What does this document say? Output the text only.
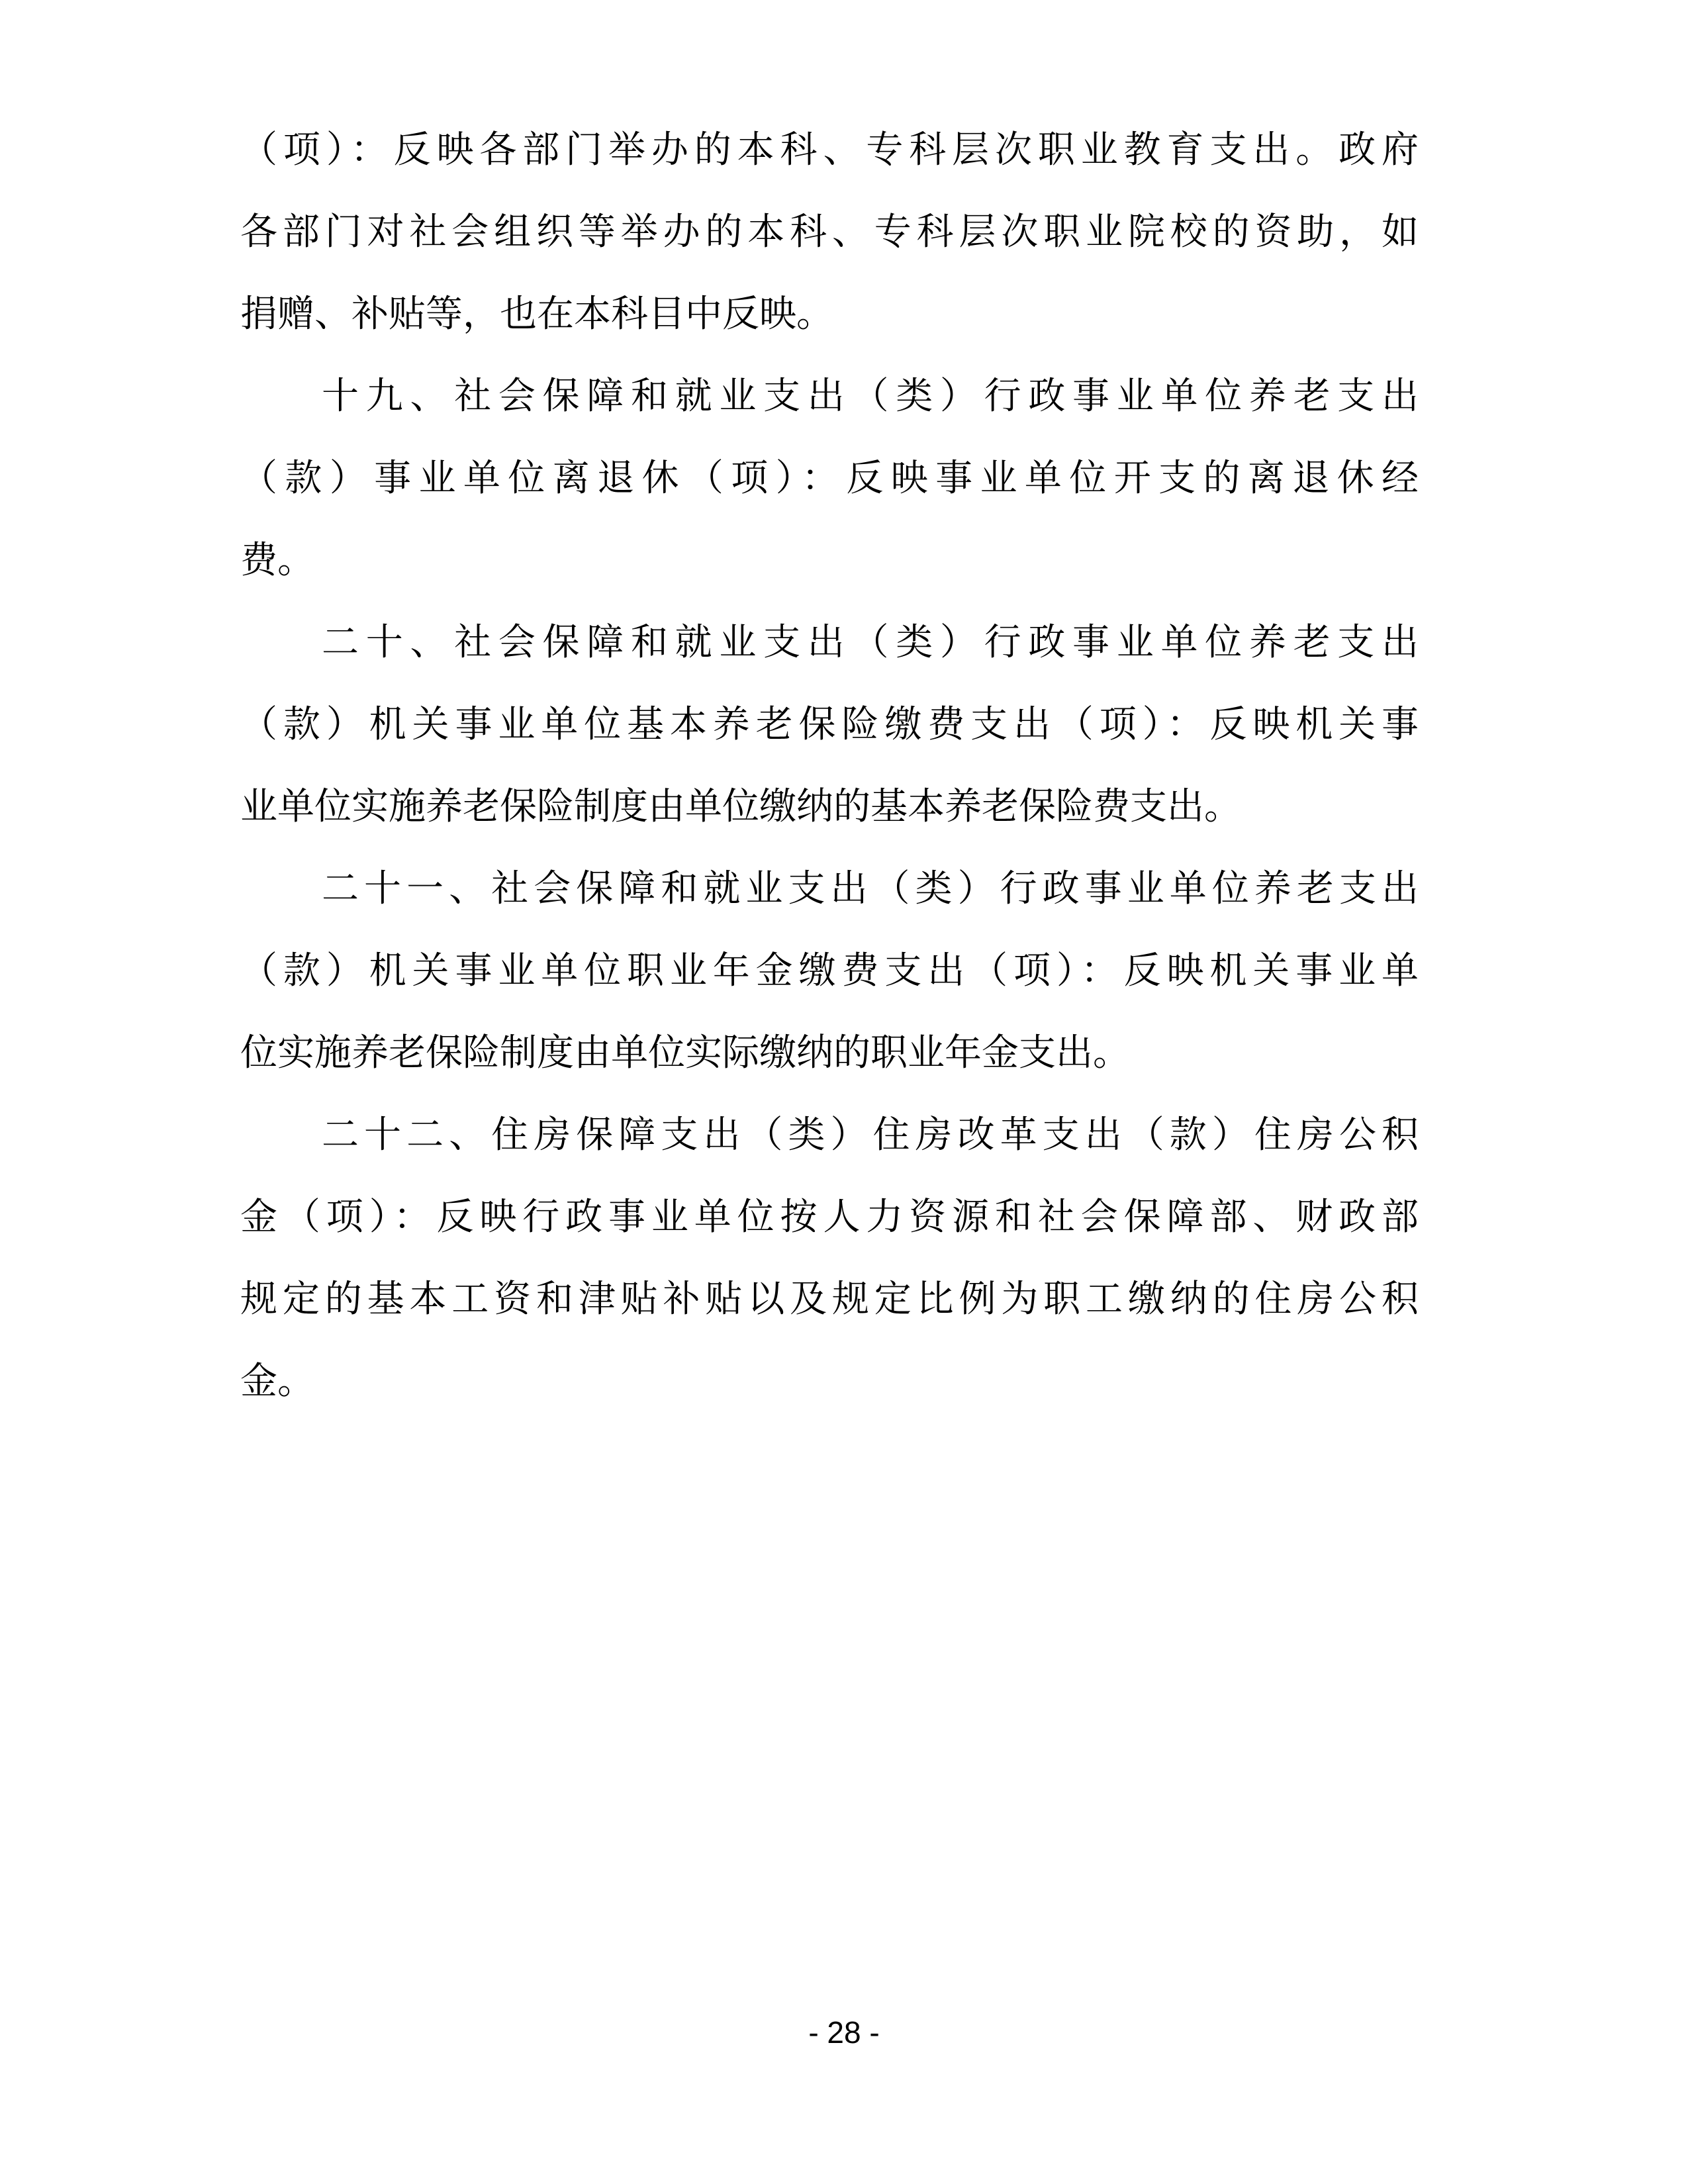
（项）：反映各部门举办的本科、专科层次职业教育支出。政府
各部门对社会组织等举办的本科、专科层次职业院校的资助，如
捐赠、补贴等，也在本科目中反映。
十九、社会保障和就业支出（类）行政事业单位养老支出
（款）事业单位离退休（项）：反映事业单位开支的离退休经
费。
二十、社会保障和就业支出（类）行政事业单位养老支出
（款）机关事业单位基本养老保险缴费支出（项）：反映机关事
业单位实施养老保险制度由单位缴纳的基本养老保险费支出。
二十一、社会保障和就业支出（类）行政事业单位养老支出
（款）机关事业单位职业年金缴费支出（项）：反映机关事业单
位实施养老保险制度由单位实际缴纳的职业年金支出。
二十二、住房保障支出（类）住房改革支出（款）住房公积
金（项）：反映行政事业单位按人力资源和社会保障部、财政部
规定的基本工资和津贴补贴以及规定比例为职工缴纳的住房公积
金。
- 28 -
